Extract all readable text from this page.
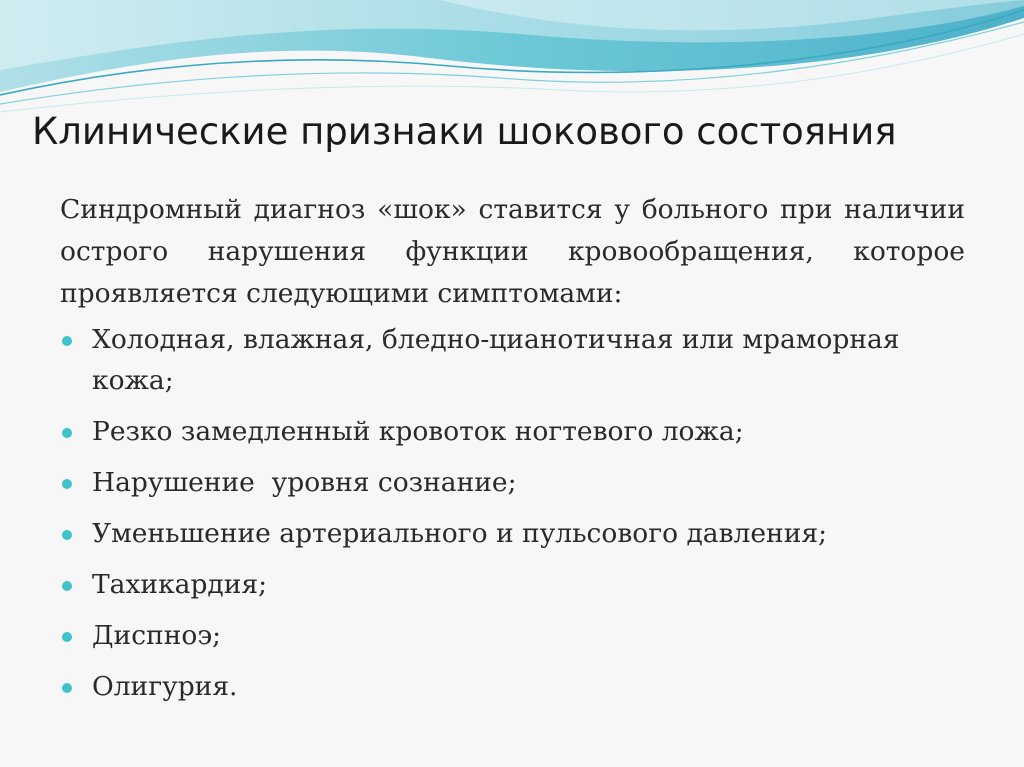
Клинические признаки шокового состояния

Синдромный диагноз «шок» ставится у больного при наличии острого нарушения функции кровообращения, которое проявляется следующими симптомами:

Холодная, влажная, бледно-цианотичная или мраморная кожа;
Резко замедленный кровоток ногтевого ложа;
Нарушение  уровня сознание;
Уменьшение артериального и пульсового давления;
Тахикардия;
Диспноэ;
Олигурия.
